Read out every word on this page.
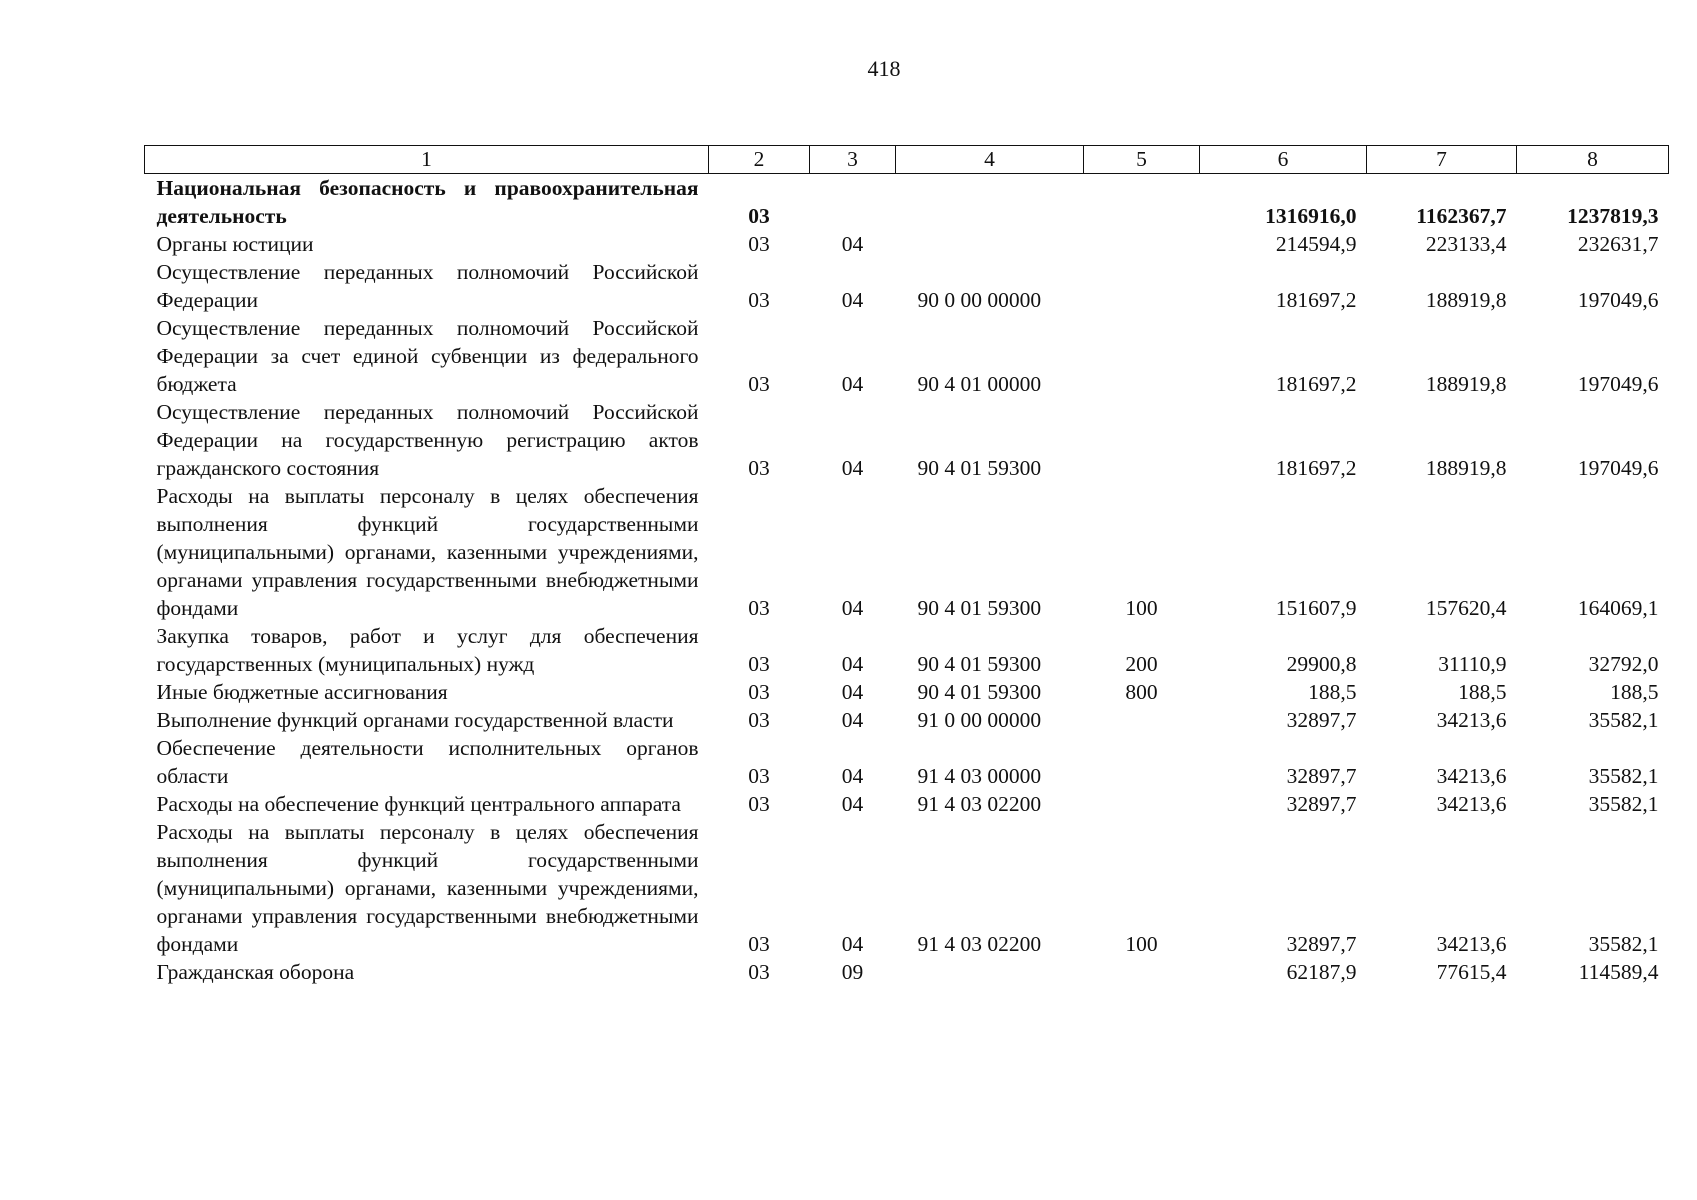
418
1	2	3	4	5	6	7	8
Национальная безопасность и правоохранительная деятельность	03				1316916,0	1162367,7	1237819,3
Органы юстиции	03	04			214594,9	223133,4	232631,7
Осуществление переданных полномочий Российской Федерации	03	04	90 0 00 00000		181697,2	188919,8	197049,6
Осуществление переданных полномочий Российской Федерации за счет единой субвенции из федерального бюджета	03	04	90 4 01 00000		181697,2	188919,8	197049,6
Осуществление переданных полномочий Российской Федерации на государственную регистрацию актов гражданского состояния	03	04	90 4 01 59300		181697,2	188919,8	197049,6
Расходы на выплаты персоналу в целях обеспечения выполнения функций государственными (муниципальными) органами, казенными учреждениями, органами управления государственными внебюджетными фондами	03	04	90 4 01 59300	100	151607,9	157620,4	164069,1
Закупка товаров, работ и услуг для обеспечения государственных (муниципальных) нужд	03	04	90 4 01 59300	200	29900,8	31110,9	32792,0
Иные бюджетные ассигнования	03	04	90 4 01 59300	800	188,5	188,5	188,5
Выполнение функций органами государственной власти	03	04	91 0 00 00000		32897,7	34213,6	35582,1
Обеспечение деятельности исполнительных органов области	03	04	91 4 03 00000		32897,7	34213,6	35582,1
Расходы на обеспечение функций центрального аппарата	03	04	91 4 03 02200		32897,7	34213,6	35582,1
Расходы на выплаты персоналу в целях обеспечения выполнения функций государственными (муниципальными) органами, казенными учреждениями, органами управления государственными внебюджетными фондами	03	04	91 4 03 02200	100	32897,7	34213,6	35582,1
Гражданская оборона	03	09			62187,9	77615,4	114589,4
